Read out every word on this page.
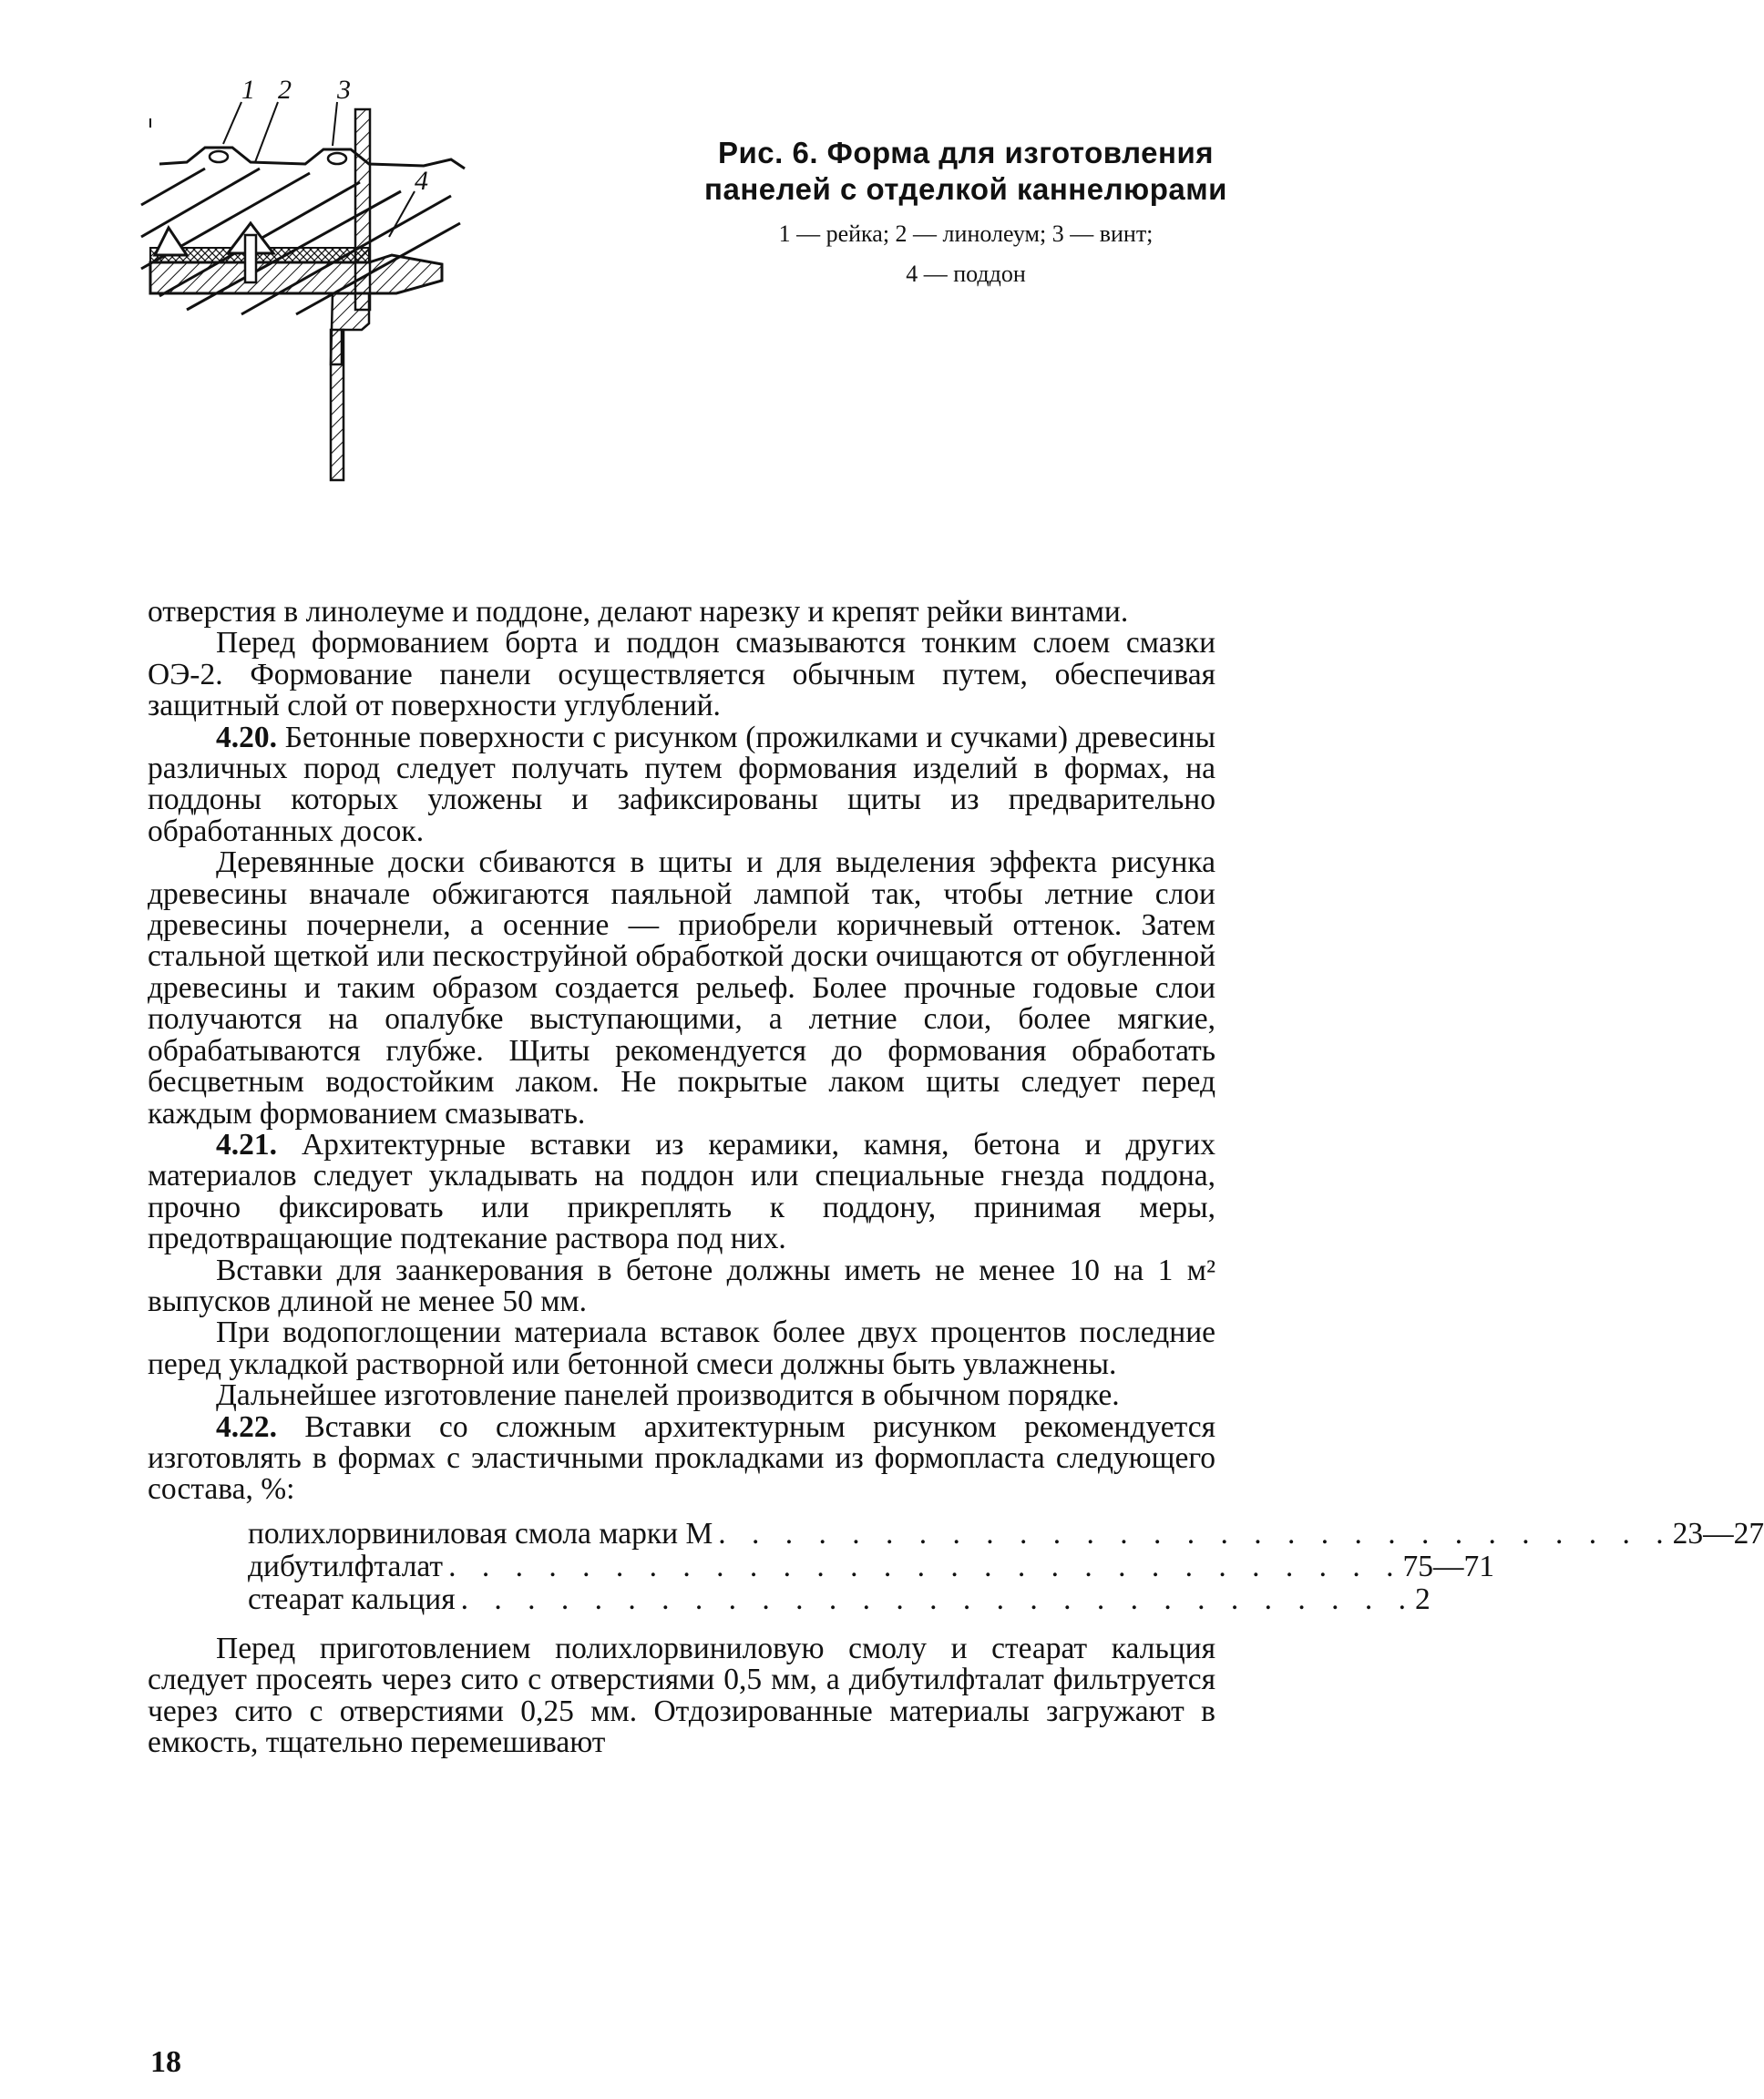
1 2 3
4
Рис. 6. Форма для изготовления
панелей с отделкой каннелюрами
1 — рейка; 2 — линолеум; 3 — винт;
4 — поддон

отверстия в линолеуме и поддоне, делают нарезку и крепят рейки винтами.

Перед формованием борта и поддон смазываются тонким слоем смазки ОЭ-2. Формование панели осуществляется обычным путем, обеспечивая защитный слой от поверхности углублений.

4.20. Бетонные поверхности с рисунком (прожилками и сучками) древесины различных пород следует получать путем формования изделий в формах, на поддоны которых уложены и зафиксированы щиты из предварительно обработанных досок.

Деревянные доски сбиваются в щиты и для выделения эффекта рисунка древесины вначале обжигаются паяльной лампой так, чтобы летние слои древесины почернели, а осенние — приобрели коричневый оттенок. Затем стальной щеткой или пескоструйной обработкой доски очищаются от обугленной древесины и таким образом создается рельеф. Более прочные годовые слои получаются на опалубке выступающими, а летние слои, более мягкие, обрабатываются глубже. Щиты рекомендуется до формования обработать бесцветным водостойким лаком. Не покрытые лаком щиты следует перед каждым формованием смазывать.

4.21. Архитектурные вставки из керамики, камня, бетона и других материалов следует укладывать на поддон или специальные гнезда поддона, прочно фиксировать или прикреплять к поддону, принимая меры, предотвращающие подтекание раствора под них.

Вставки для заанкерования в бетоне должны иметь не менее 10 на 1 м² выпусков длиной не менее 50 мм.

При водопоглощении материала вставок более двух процентов последние перед укладкой растворной или бетонной смеси должны быть увлажнены.

Дальнейшее изготовление панелей производится в обычном порядке.

4.22. Вставки со сложным архитектурным рисунком рекомендуется изготовлять в формах с эластичными прокладками из формопласта следующего состава, %:

полихлорвиниловая смола марки М . . . . . . . . . . . . . . . . . . . . . . . . . . . . . 23—27
дибутилфталат . . . . . . . . . . . . . . . . . . . . . . . . . . . . . 75—71
стеарат кальция . . . . . . . . . . . . . . . . . . . . . . . . . . . . . 2

Перед приготовлением полихлорвиниловую смолу и стеарат кальция следует просеять через сито с отверстиями 0,5 мм, а дибутилфталат фильтруется через сито с отверстиями 0,25 мм. Отдозированные материалы загружают в емкость, тщательно перемешивают

18
